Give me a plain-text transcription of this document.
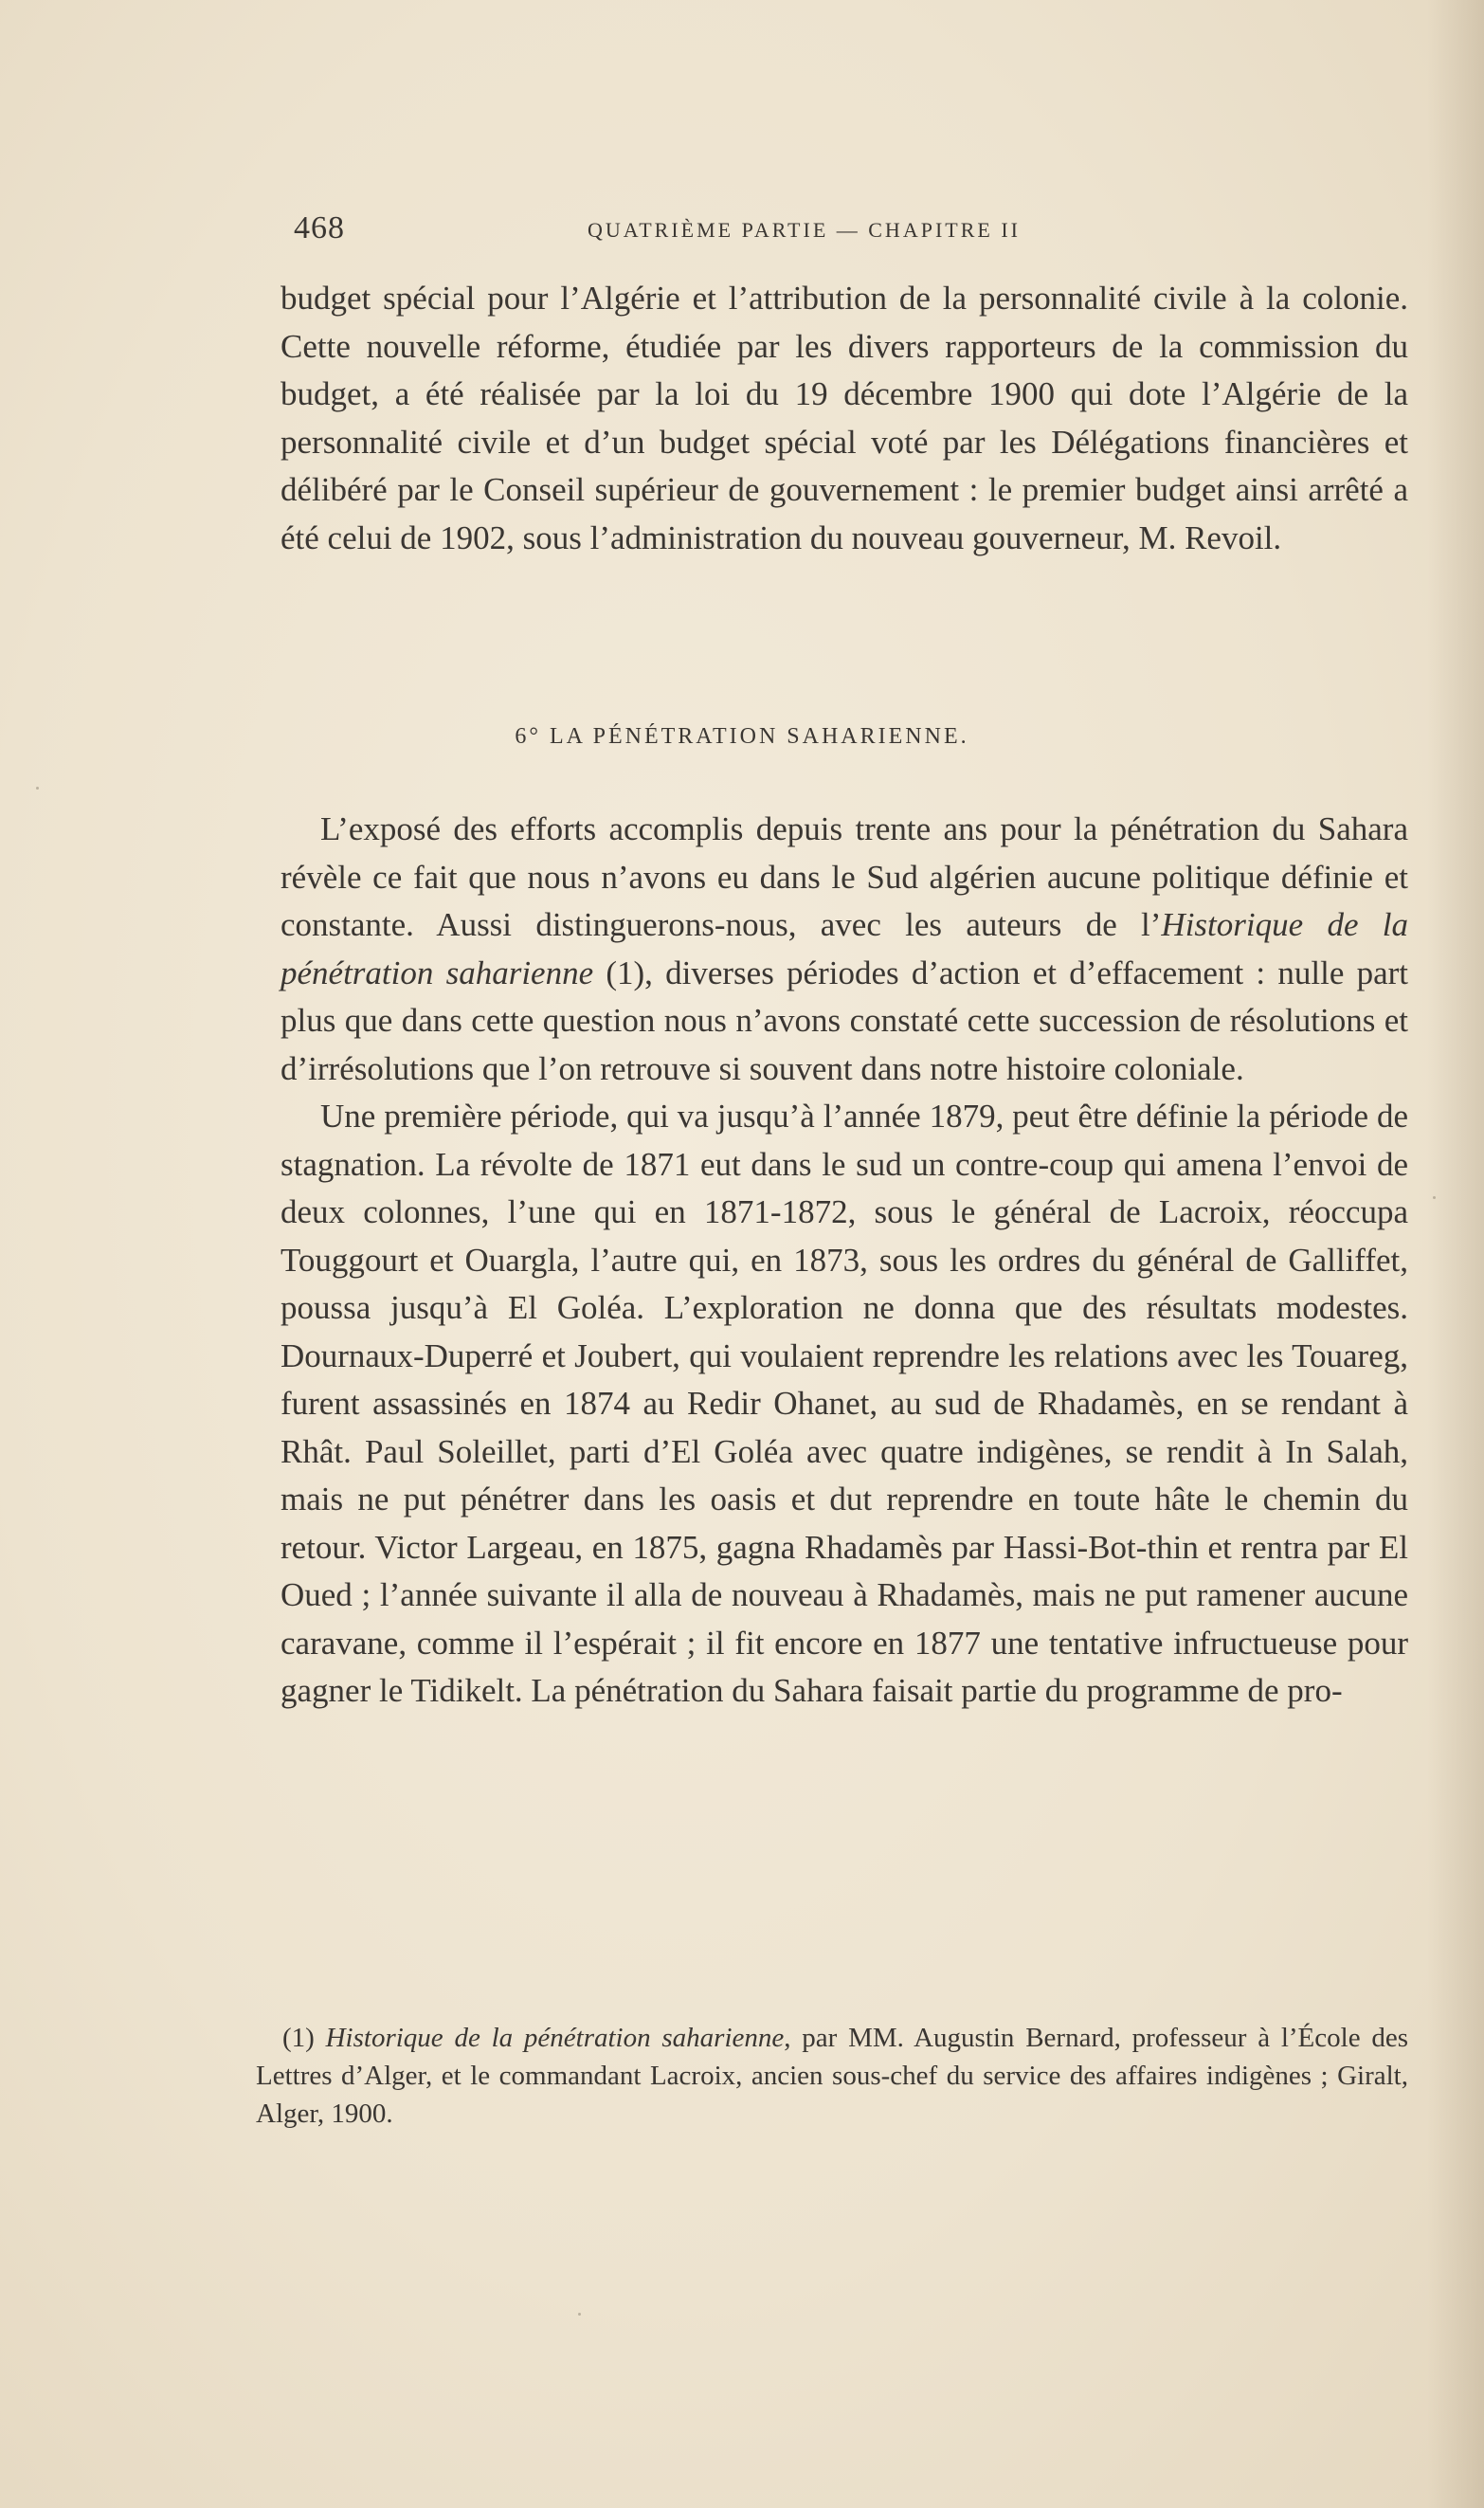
468	QUATRIÈME PARTIE — CHAPITRE II

budget spécial pour l’Algérie et l’attribution de la personnalité civile à la colonie. Cette nouvelle réforme, étudiée par les divers rapporteurs de la commission du budget, a été réalisée par la loi du 19 décembre 1900 qui dote l’Algérie de la personnalité civile et d’un budget spécial voté par les Délégations financières et délibéré par le Conseil supérieur de gouvernement : le premier budget ainsi arrêté a été celui de 1902, sous l’administration du nouveau gouverneur, M. Revoil.

6° LA PÉNÉTRATION SAHARIENNE.

L’exposé des efforts accomplis depuis trente ans pour la pénétration du Sahara révèle ce fait que nous n’avons eu dans le Sud algérien aucune politique définie et constante. Aussi distinguerons-nous, avec les auteurs de l’Historique de la pénétration saharienne (1), diverses périodes d’action et d’effacement : nulle part plus que dans cette question nous n’avons constaté cette succession de résolutions et d’irrésolutions que l’on retrouve si souvent dans notre histoire coloniale.

Une première période, qui va jusqu’à l’année 1879, peut être définie la période de stagnation. La révolte de 1871 eut dans le sud un contre-coup qui amena l’envoi de deux colonnes, l’une qui en 1871-1872, sous le général de Lacroix, réoccupa Touggourt et Ouargla, l’autre qui, en 1873, sous les ordres du général de Galliffet, poussa jusqu’à El Goléa. L’exploration ne donna que des résultats modestes. Dournaux-Duperré et Joubert, qui voulaient reprendre les relations avec les Touareg, furent assassinés en 1874 au Redir Ohanet, au sud de Rhadamès, en se rendant à Rhât. Paul Soleillet, parti d’El Goléa avec quatre indigènes, se rendit à In Salah, mais ne put pénétrer dans les oasis et dut reprendre en toute hâte le chemin du retour. Victor Largeau, en 1875, gagna Rhadamès par Hassi-Bot-thin et rentra par El Oued ; l’année suivante il alla de nouveau à Rhadamès, mais ne put ramener aucune caravane, comme il l’espérait ; il fit encore en 1877 une tentative infructueuse pour gagner le Tidikelt. La pénétration du Sahara faisait partie du programme de pro-

(1) Historique de la pénétration saharienne, par MM. Augustin Bernard, professeur à l’École des Lettres d’Alger, et le commandant Lacroix, ancien sous-chef du service des affaires indigènes ; Giralt, Alger, 1900.
